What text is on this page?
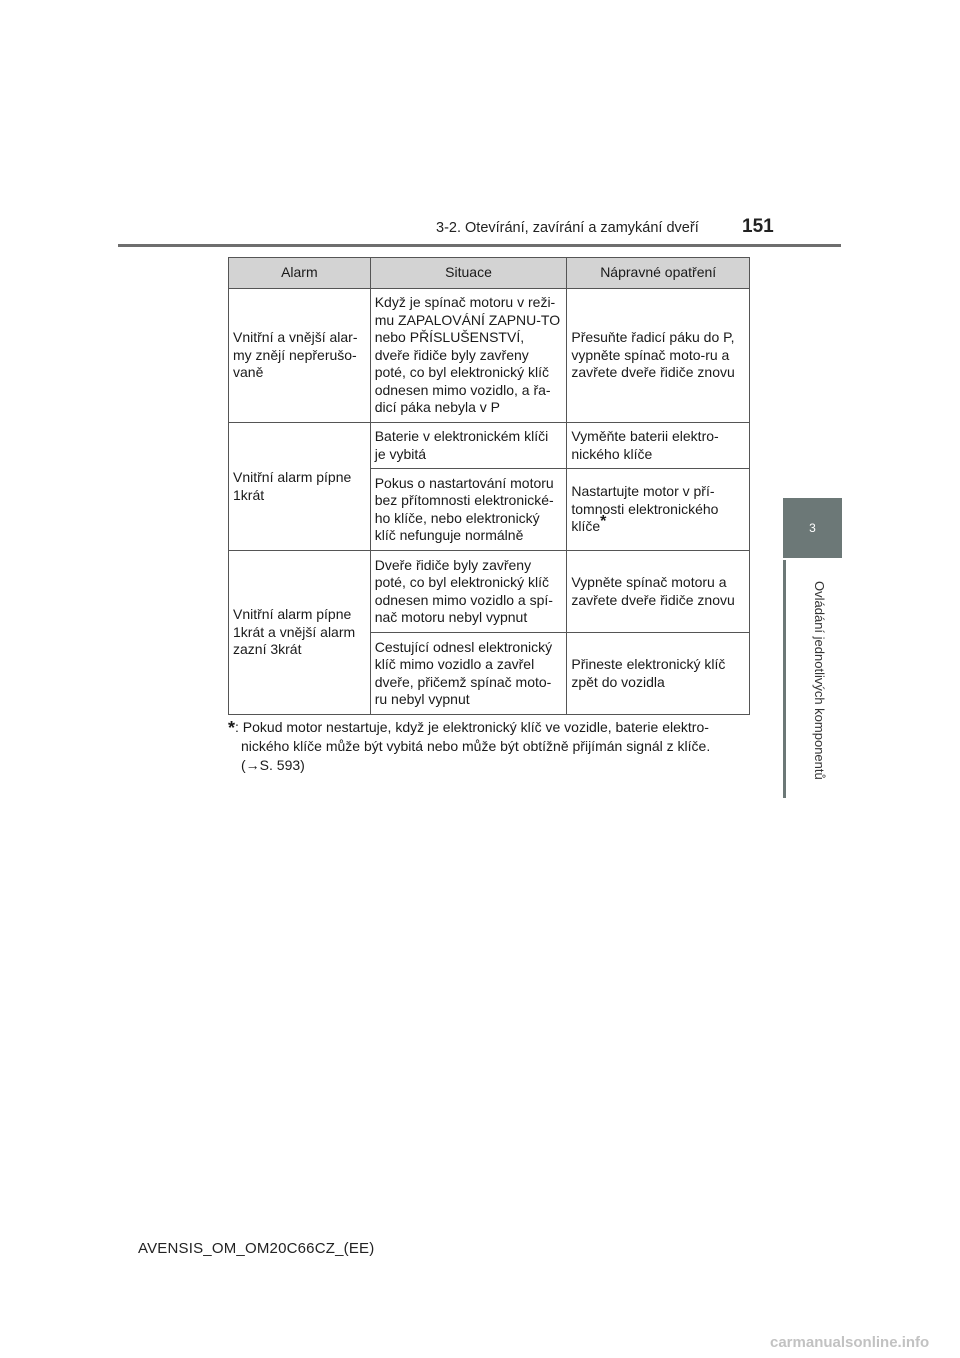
3-2. Otevírání, zavírání a zamykání dveří 151
3
Ovládání jednotlivých komponentů
Alarm	Situace	Nápravné opatření
Vnitřní a vnější alar-my znějí nepřerušo-vaně	Když je spínač motoru v reži-mu ZAPALOVÁNÍ ZAPNU-TO nebo PŘÍSLUŠENSTVÍ, dveře řidiče byly zavřeny poté, co byl elektronický klíč odnesen mimo vozidlo, a řa-dicí páka nebyla v P	Přesuňte řadicí páku do P, vypněte spínač moto-ru a zavřete dveře řidiče znovu
Vnitřní alarm pípne 1krát	Baterie v elektronickém klíči je vybitá	Vyměňte baterii elektro-nického klíče
	Pokus o nastartování motoru bez přítomnosti elektronické-ho klíče, nebo elektronický klíč nefunguje normálně	Nastartujte motor v pří-tomnosti elektronického klíče*
Vnitřní alarm pípne 1krát a vnější alarm zazní 3krát	Dveře řidiče byly zavřeny poté, co byl elektronický klíč odnesen mimo vozidlo a spí-nač motoru nebyl vypnut	Vypněte spínač motoru a zavřete dveře řidiče znovu
	Cestující odnesl elektronický klíč mimo vozidlo a zavřel dveře, přičemž spínač moto-ru nebyl vypnut	Přineste elektronický klíč zpět do vozidla
*: Pokud motor nestartuje, když je elektronický klíč ve vozidle, baterie elektro-
nického klíče může být vybitá nebo může být obtížně přijímán signál z klíče.
(→S. 593)
AVENSIS_OM_OM20C66CZ_(EE)
carmanualsonline.info
